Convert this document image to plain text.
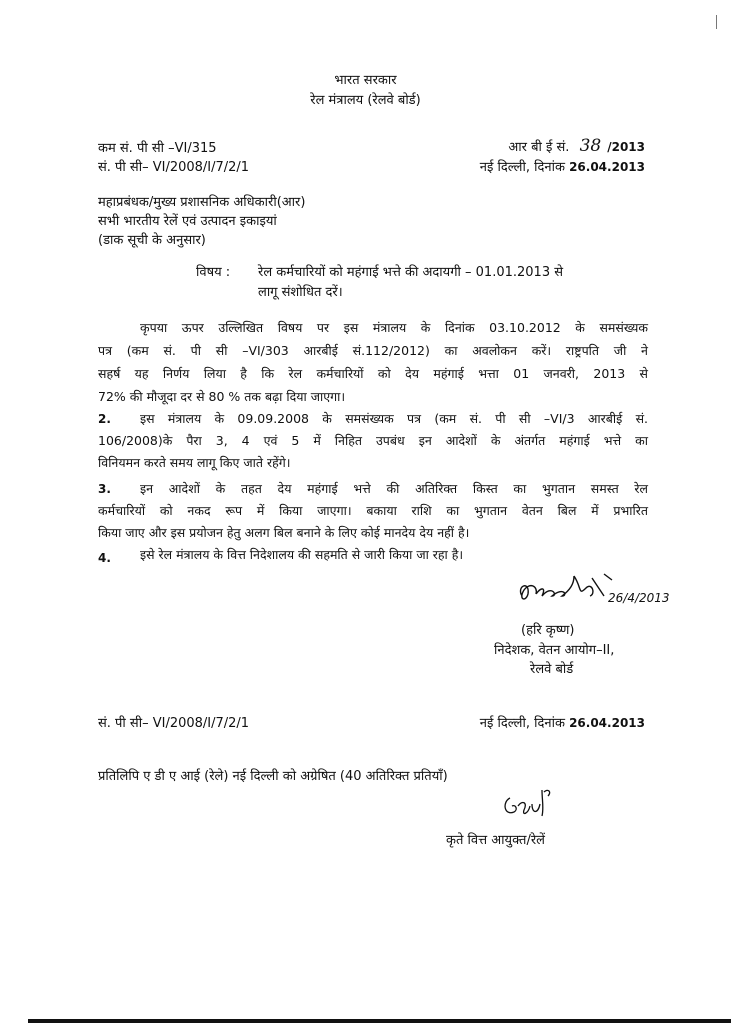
भारत सरकार
रेल मंत्रालय (रेलवे बोर्ड)
कम सं. पी सी –VI/315
सं. पी सी– VI/2008/I/7/2/1
आर बी ई सं. 38 /2013
नई दिल्ली, दिनांक 26.04.2013
महाप्रबंधक/मुख्य प्रशासनिक अधिकारी(आर)
सभी भारतीय रेलें एवं उत्पादन इकाइयां
(डाक सूची के अनुसार)
विषय : रेल कर्मचारियों को महंगाई भत्ते की अदायगी – 01.01.2013 से
लागू संशोधित दरें।
कृपया ऊपर उल्लिखित विषय पर इस मंत्रालय के दिनांक 03.10.2012 के समसंख्यक
पत्र (कम सं. पी सी –VI/303 आरबीई सं.112/2012) का अवलोकन करें। राष्ट्रपति जी ने
सहर्ष यह निर्णय लिया है कि रेल कर्मचारियों को देय महंगाई भत्ता 01 जनवरी, 2013 से
72% की मौजूदा दर से 80 % तक बढ़ा दिया जाएगा।
2.	इस मंत्रालय के 09.09.2008 के समसंख्यक पत्र (कम सं. पी सी –VI/3 आरबीई सं.
106/2008)के पैरा 3, 4 एवं 5 में निहित उपबंध इन आदेशों के अंतर्गत महंगाई भत्ते का
विनियमन करते समय लागू किए जाते रहेंगे।
3.	इन आदेशों के तहत देय महंगाई भत्ते की अतिरिक्त किस्त का भुगतान समस्त रेल
कर्मचारियों को नकद रूप में किया जाएगा। बकाया राशि का भुगतान वेतन बिल में प्रभारित
किया जाए और इस प्रयोजन हेतु अलग बिल बनाने के लिए कोई मानदेय देय नहीं है।
4. इसे रेल मंत्रालय के वित्त निदेशालय की सहमति से जारी किया जा रहा है।
26/4/2013
(हरि कृष्ण)
निदेशक, वेतन आयोग–II,
रेलवे बोर्ड
सं. पी सी– VI/2008/I/7/2/1	नई दिल्ली, दिनांक 26.04.2013
प्रतिलिपि ए डी ए आई (रेले) नई दिल्ली को अग्रेषित (40 अतिरिक्त प्रतियाँ)
कृते वित्त आयुक्त/रेलें
